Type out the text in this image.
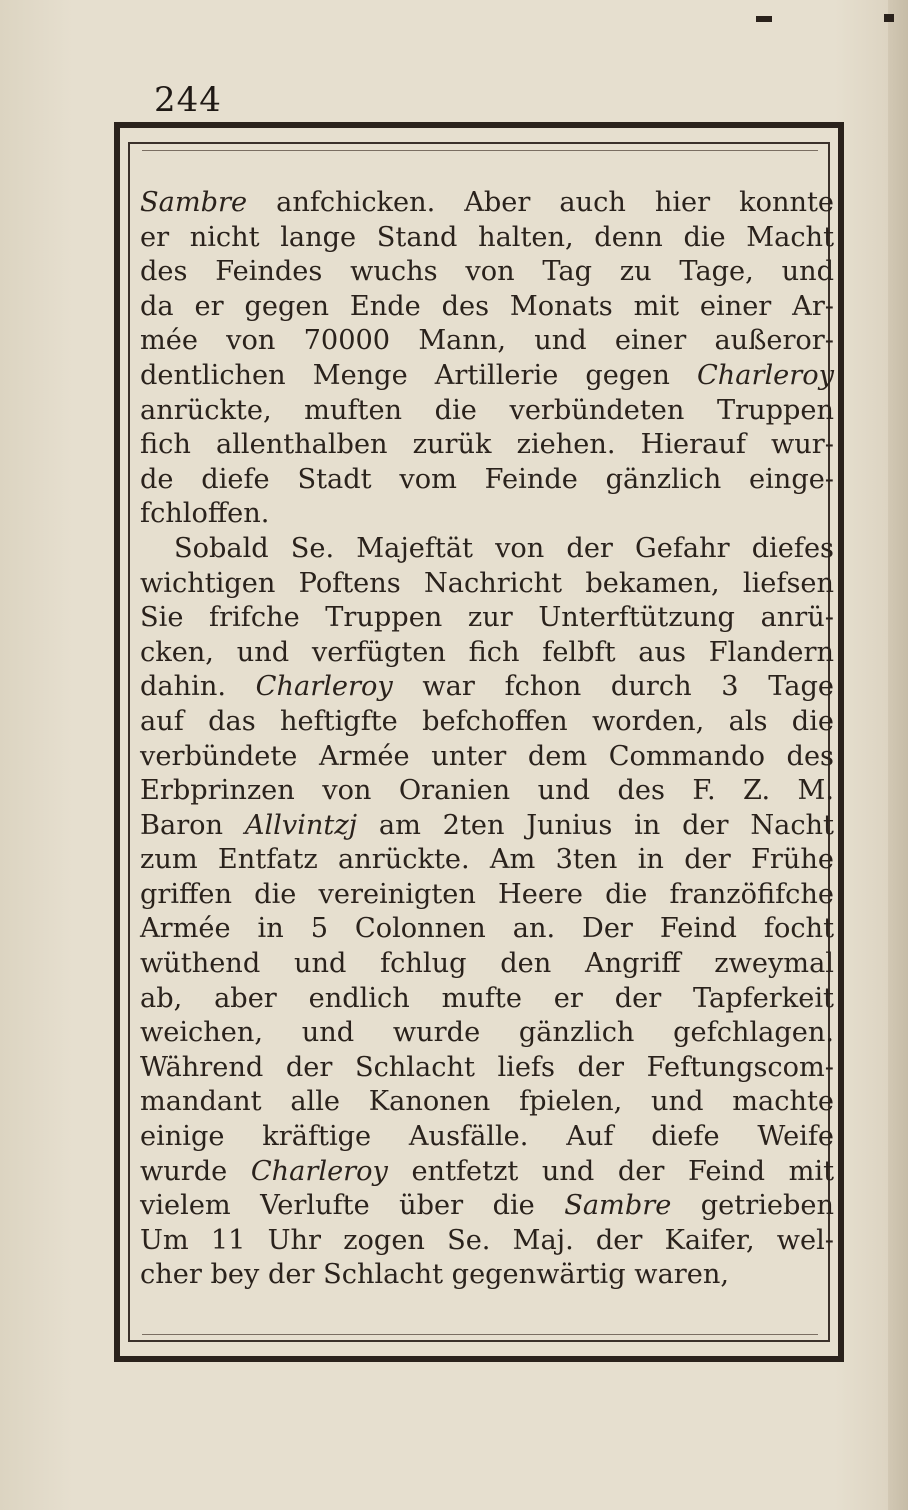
244
Sambre anfchicken. Aber auch hier konnte
er nicht lange Stand halten, denn die Macht
des Feindes wuchs von Tag zu Tage, und
da er gegen Ende des Monats mit einer Ar-
mée von 70000 Mann, und einer außeror-
dentlichen Menge Artillerie gegen Charleroy
anrückte, muften die verbündeten Truppen
fich allenthalben zurük ziehen. Hierauf wur-
de diefe Stadt vom Feinde gänzlich einge-
fchloffen.
Sobald Se. Majeftät von der Gefahr diefes
wichtigen Poftens Nachricht bekamen, liefsen
Sie frifche Truppen zur Unterftützung anrü-
cken, und verfügten fich felbft aus Flandern
dahin. Charleroy war fchon durch 3 Tage
auf das heftigfte befchoffen worden, als die
verbündete Armée unter dem Commando des
Erbprinzen von Oranien und des F. Z. M.
Baron Allvintzj am 2ten Junius in der Nacht
zum Entfatz anrückte. Am 3ten in der Frühe
griffen die vereinigten Heere die franzöfifche
Armée in 5 Colonnen an. Der Feind focht
wüthend und fchlug den Angriff zweymal
ab, aber endlich mufte er der Tapferkeit
weichen, und wurde gänzlich gefchlagen.
Während der Schlacht liefs der Feftungscom-
mandant alle Kanonen fpielen, und machte
einige kräftige Ausfälle. Auf diefe Weife
wurde Charleroy entfetzt und der Feind mit
vielem Verlufte über die Sambre getrieben
Um 11 Uhr zogen Se. Maj. der Kaifer, wel-
cher bey der Schlacht gegenwärtig waren,
